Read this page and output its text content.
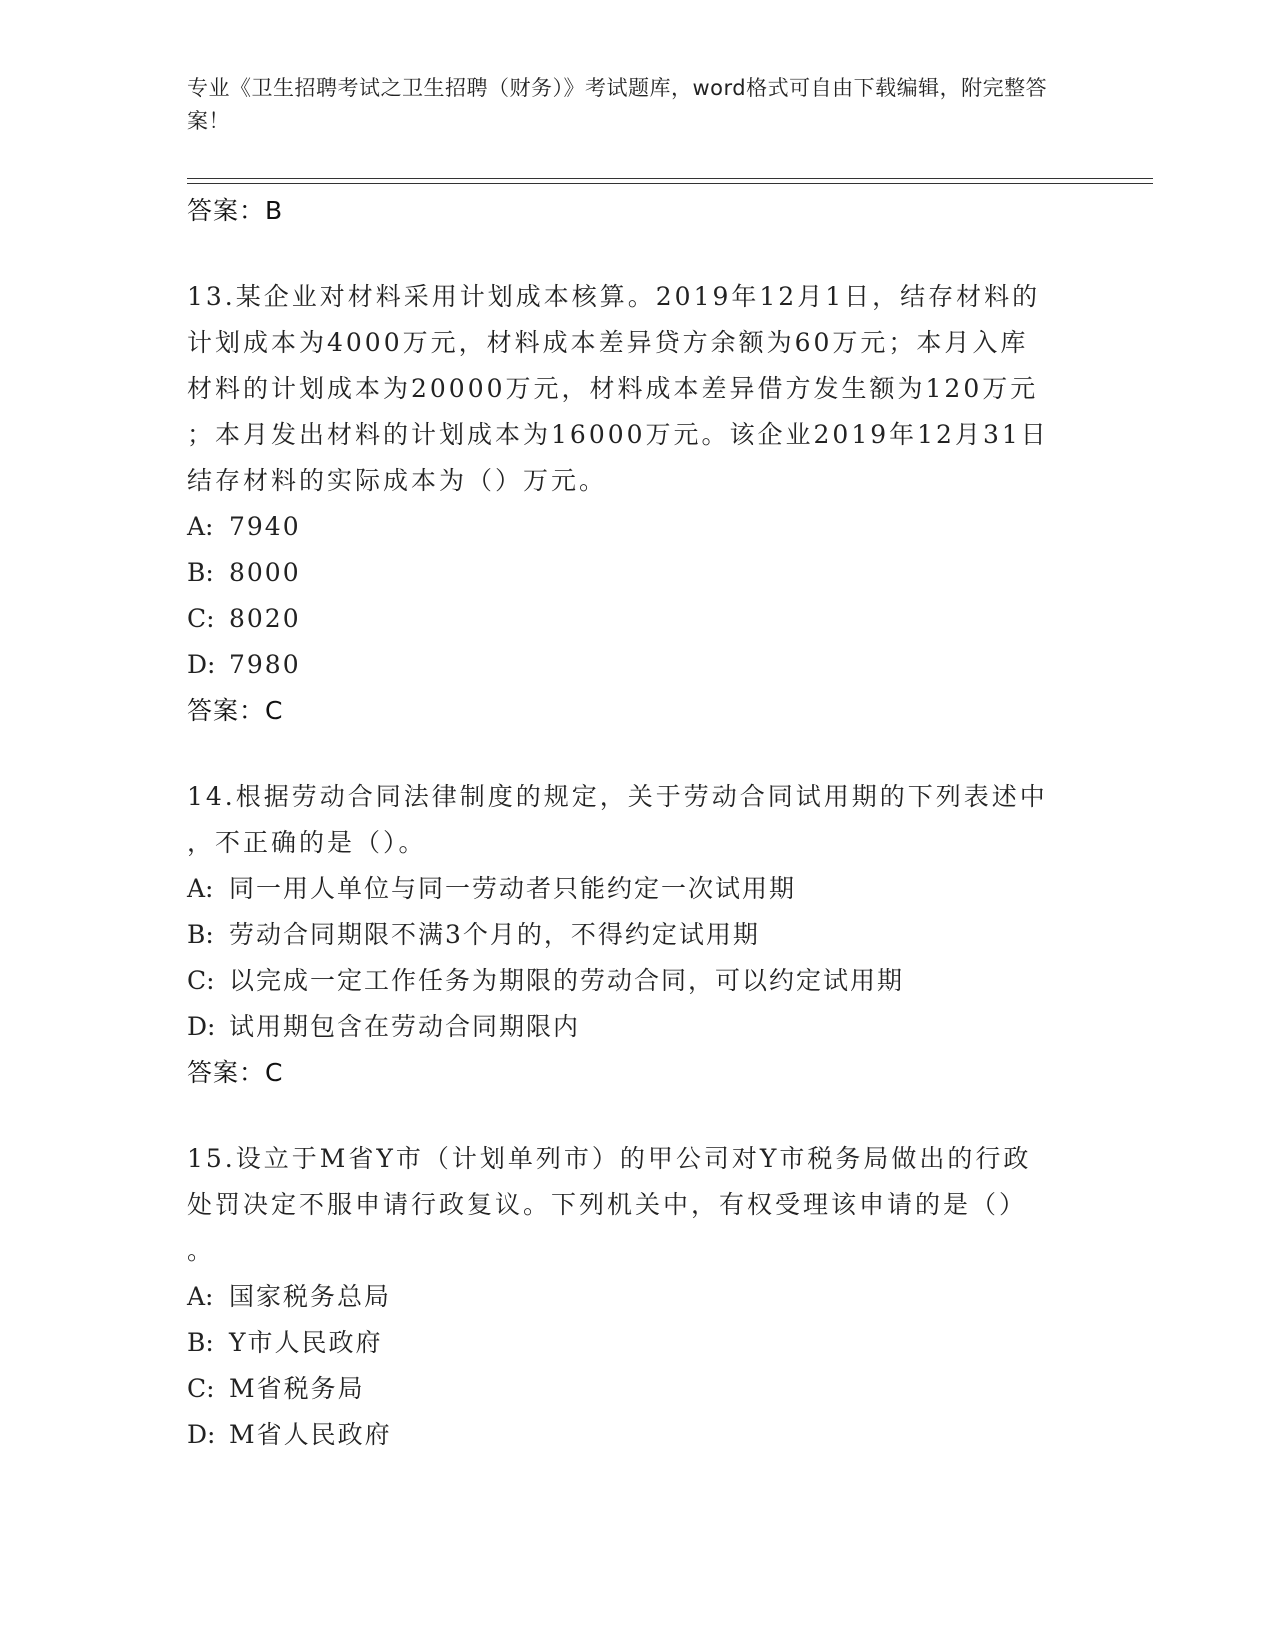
专业《卫生招聘考试之卫生招聘（财务）》考试题库，word格式可自由下载编辑，附完整答案！
答案：B
13.某企业对材料采用计划成本核算。2019年12月1日，结存材料的
计划成本为4000万元，材料成本差异贷方余额为60万元；本月入库
材料的计划成本为20000万元，材料成本差异借方发生额为120万元
；本月发出材料的计划成本为16000万元。该企业2019年12月31日
结存材料的实际成本为（）万元。
A: 7940
B: 8000
C: 8020
D: 7980
答案：C
14.根据劳动合同法律制度的规定，关于劳动合同试用期的下列表述中
，不正确的是（）。
A: 同一用人单位与同一劳动者只能约定一次试用期
B: 劳动合同期限不满3个月的，不得约定试用期
C: 以完成一定工作任务为期限的劳动合同，可以约定试用期
D: 试用期包含在劳动合同期限内
答案：C
15.设立于M省Y市（计划单列市）的甲公司对Y市税务局做出的行政
处罚决定不服申请行政复议。下列机关中，有权受理该申请的是（）
。
A: 国家税务总局
B: Y市人民政府
C: M省税务局
D: M省人民政府
